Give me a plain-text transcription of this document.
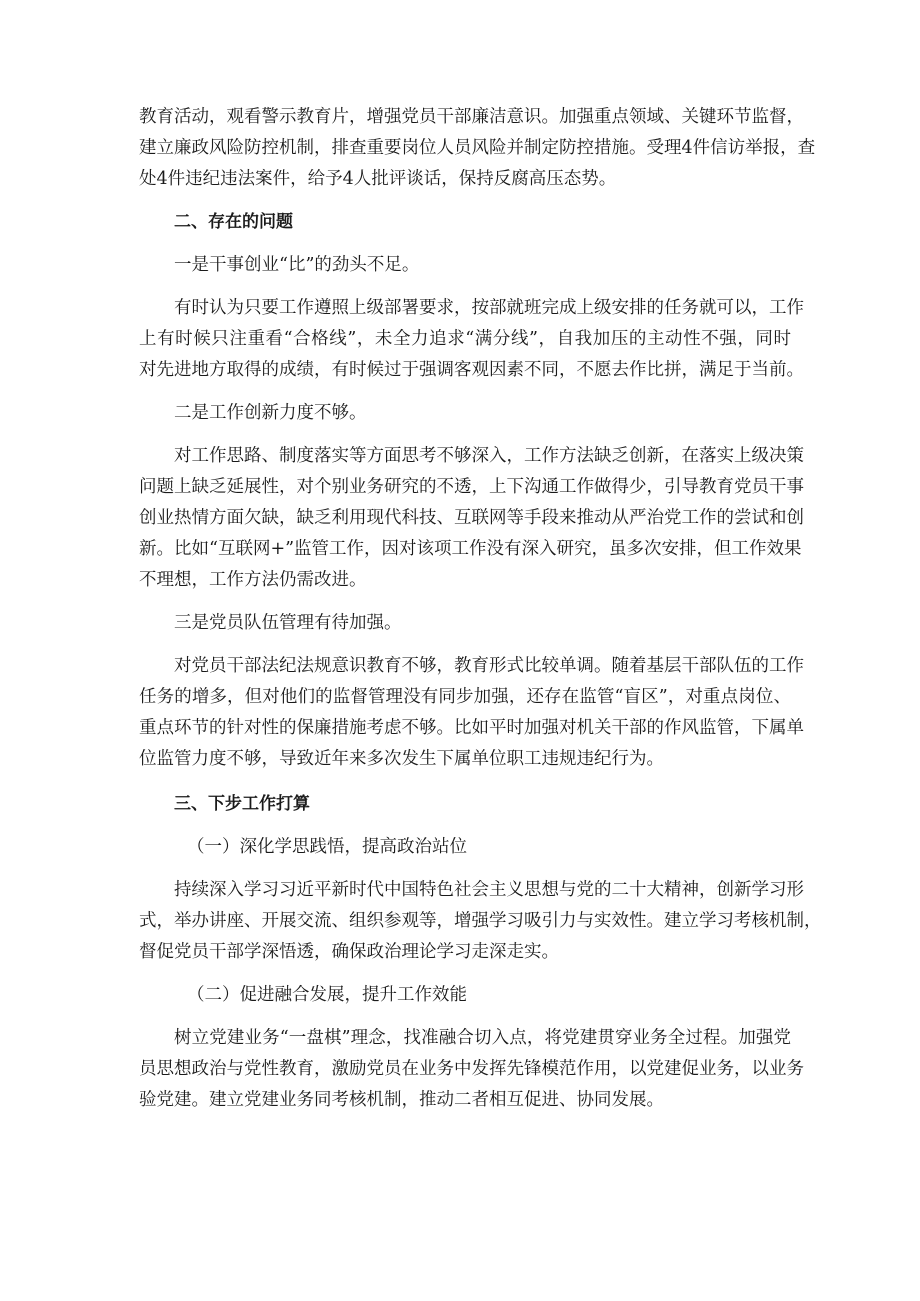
教育活动，观看警示教育片，增强党员干部廉洁意识。加强重点领域、关键环节监督，
建立廉政风险防控机制，排查重要岗位人员风险并制定防控措施。受理4件信访举报，查
处4件违纪违法案件，给予4人批评谈话，保持反腐高压态势。
二、存在的问题
一是干事创业“比”的劲头不足。
有时认为只要工作遵照上级部署要求，按部就班完成上级安排的任务就可以，工作
上有时候只注重看“合格线”，未全力追求“满分线”，自我加压的主动性不强，同时
对先进地方取得的成绩，有时候过于强调客观因素不同，不愿去作比拼，满足于当前。
二是工作创新力度不够。
对工作思路、制度落实等方面思考不够深入，工作方法缺乏创新，在落实上级决策
问题上缺乏延展性，对个别业务研究的不透，上下沟通工作做得少，引导教育党员干事
创业热情方面欠缺，缺乏利用现代科技、互联网等手段来推动从严治党工作的尝试和创
新。比如“互联网+”监管工作，因对该项工作没有深入研究，虽多次安排，但工作效果
不理想，工作方法仍需改进。
三是党员队伍管理有待加强。
对党员干部法纪法规意识教育不够，教育形式比较单调。随着基层干部队伍的工作
任务的增多，但对他们的监督管理没有同步加强，还存在监管“盲区”，对重点岗位、
重点环节的针对性的保廉措施考虑不够。比如平时加强对机关干部的作风监管，下属单
位监管力度不够，导致近年来多次发生下属单位职工违规违纪行为。
三、下步工作打算
（一）深化学思践悟，提高政治站位
持续深入学习习近平新时代中国特色社会主义思想与党的二十大精神，创新学习形
式，举办讲座、开展交流、组织参观等，增强学习吸引力与实效性。建立学习考核机制，
督促党员干部学深悟透，确保政治理论学习走深走实。
（二）促进融合发展，提升工作效能
树立党建业务“一盘棋”理念，找准融合切入点，将党建贯穿业务全过程。加强党
员思想政治与党性教育，激励党员在业务中发挥先锋模范作用，以党建促业务，以业务
验党建。建立党建业务同考核机制，推动二者相互促进、协同发展。
